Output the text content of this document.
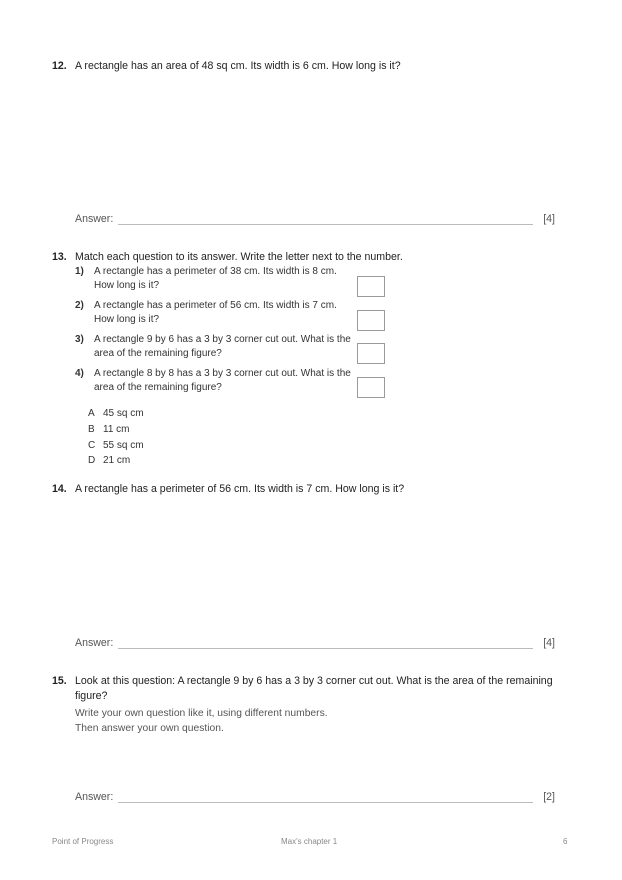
12. A rectangle has an area of 48 sq cm. Its width is 6 cm. How long is it?
Answer:	[4]
13. Match each question to its answer. Write the letter next to the number.
1) A rectangle has a perimeter of 38 cm. Its width is 8 cm. How long is it?
2) A rectangle has a perimeter of 56 cm. Its width is 7 cm. How long is it?
3) A rectangle 9 by 6 has a 3 by 3 corner cut out. What is the area of the remaining figure?
4) A rectangle 8 by 8 has a 3 by 3 corner cut out. What is the area of the remaining figure?
A 45 sq cm
B 11 cm
C 55 sq cm
D 21 cm
14. A rectangle has a perimeter of 56 cm. Its width is 7 cm. How long is it?
Answer:	[4]
15. Look at this question: A rectangle 9 by 6 has a 3 by 3 corner cut out. What is the area of the remaining figure?
Write your own question like it, using different numbers.
Then answer your own question.
Answer:	[2]
Point of Progress	Max's chapter 1	6
